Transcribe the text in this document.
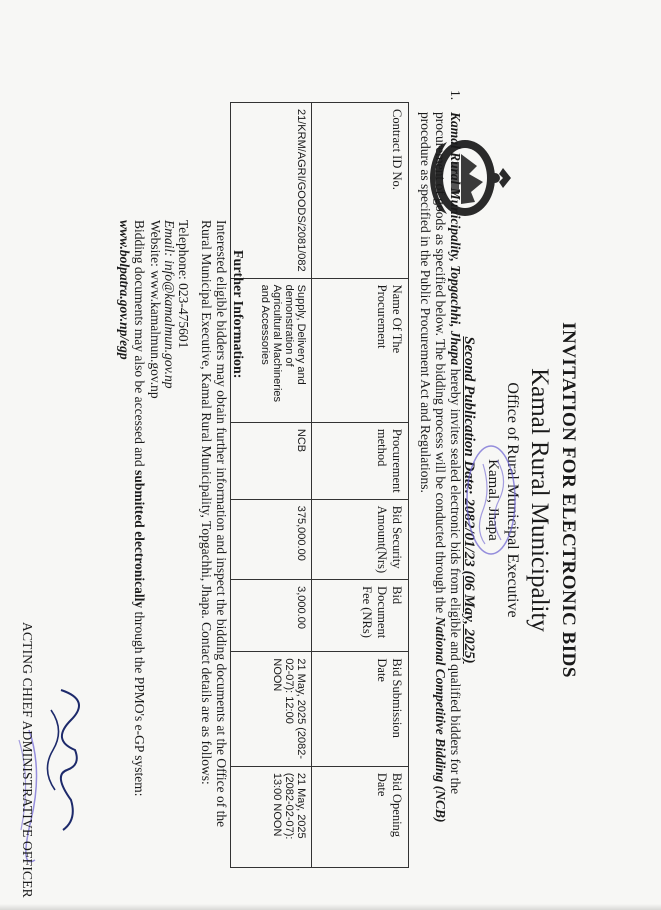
INVITATION FOR ELECTRONIC BIDS
Kamal Rural Municipality
Office of Rural Municipal Executive
Kamal, Jhapa
Second Publication Date: 2082/01/23 (06 May, 2025)
1.
Kamal Rural Municipality, Topgachhi, Jhapa hereby invites sealed electronic bids from eligible and qualified bidders for the procurement of goods as specified below. The bidding process will be conducted through the National Competitive Bidding (NCB) procedure as specified in the Public Procurement Act and Regulations.
Contract ID No.	Name Of The Procurement	Procurement method	Bid Security Amount(Nrs)	Bid Document Fee (NRs)	Bid Submission Date	Bid Opening Date
21/KRM/AGRI/GOODS/2081/082	Supply, Delivery and demonstration of Agricultural Machineries and Accessories	NCB	375,000.00	3,000.00	21 May, 2025 (2082-02-07): 12:00 NOON	21 May, 2025 (2082-02-07): 13:00 NOON
Further Information:
Interested eligible bidders may obtain further information and inspect the bidding documents at the Office of the Rural Municipal Executive, Kamal Rural Municipality, Topgachhi, Jhapa. Contact details are as follows:
Telephone: 023-475601
Email: info@kamalmun.gov.np
Website: www.kamalmun.gov.np
Bidding documents may also be accessed and submitted electronically through the PPMO's e-GP system: www.bolpatra.gov.np/egp
ACTING CHIEF ADMINISTRATIVE OFFICER
